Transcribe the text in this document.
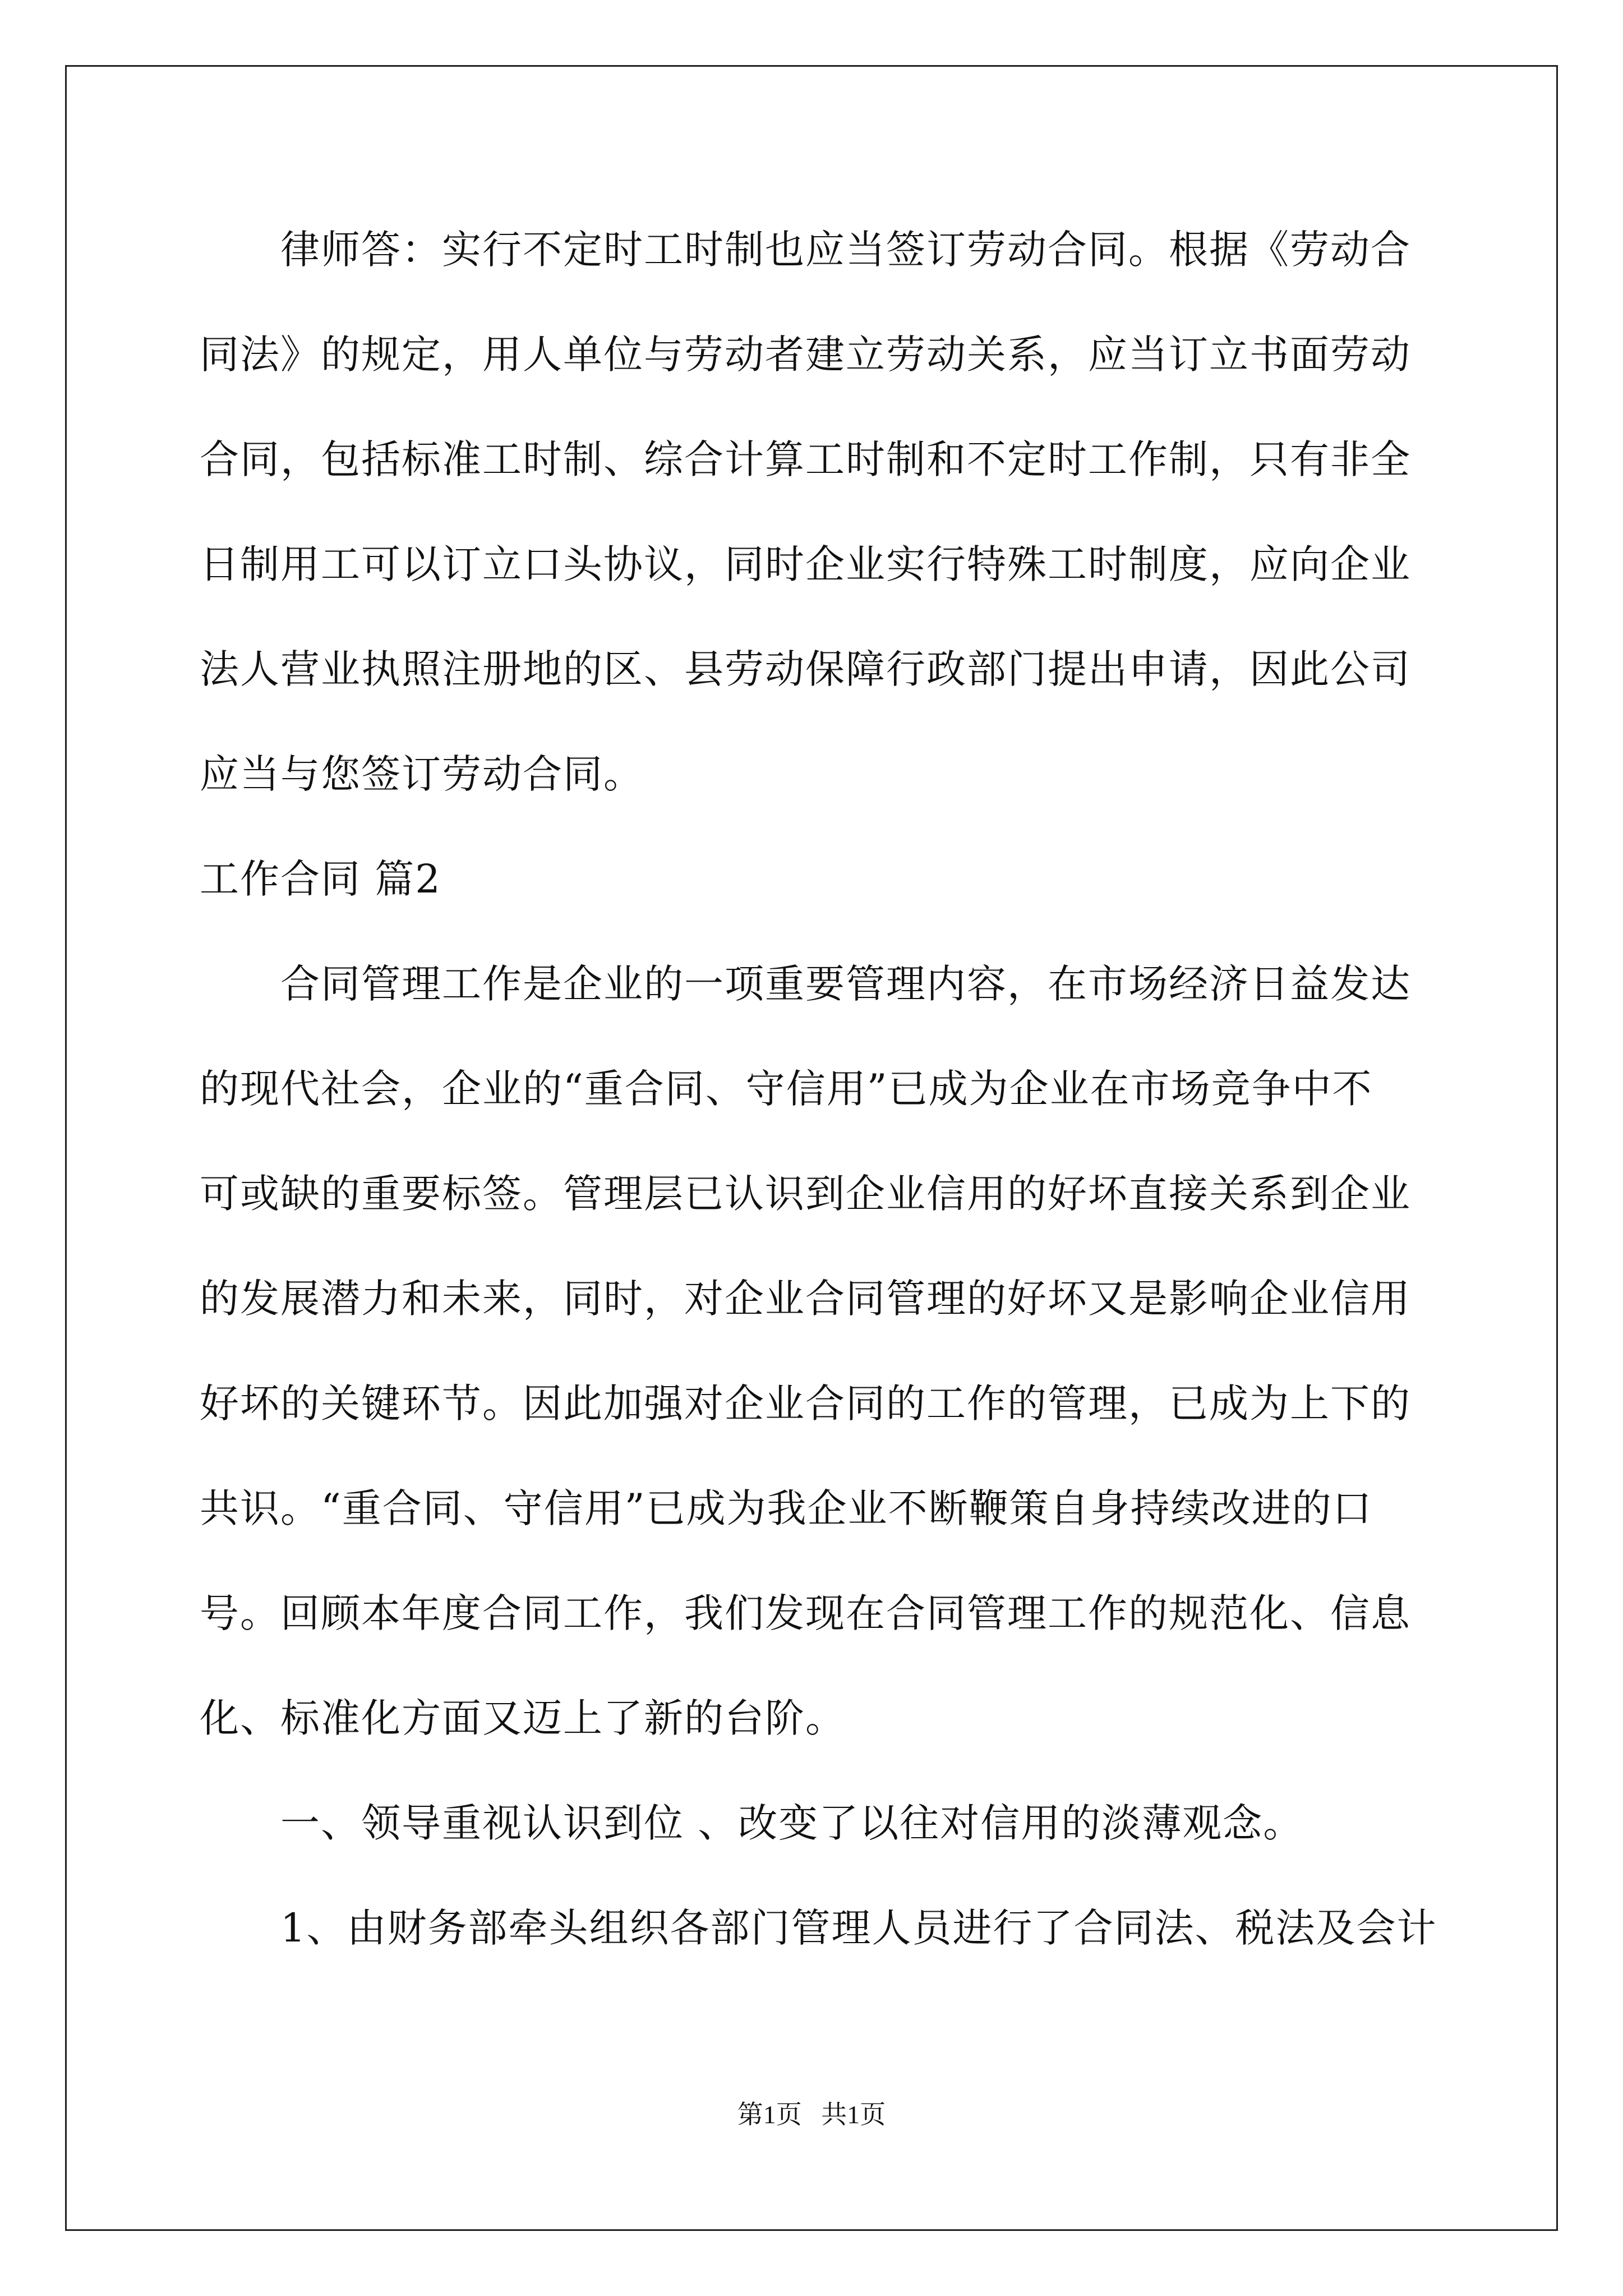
律师答：实行不定时工时制也应当签订劳动合同。根据《劳动合
同法》的规定，用人单位与劳动者建立劳动关系，应当订立书面劳动
合同，包括标准工时制、综合计算工时制和不定时工作制，只有非全
日制用工可以订立口头协议，同时企业实行特殊工时制度，应向企业
法人营业执照注册地的区、县劳动保障行政部门提出申请，因此公司
应当与您签订劳动合同。
工作合同 篇2
合同管理工作是企业的一项重要管理内容，在市场经济日益发达
的现代社会，企业的“重合同、守信用”已成为企业在市场竞争中不
可或缺的重要标签。管理层已认识到企业信用的好坏直接关系到企业
的发展潜力和未来，同时，对企业合同管理的好坏又是影响企业信用
好坏的关键环节。因此加强对企业合同的工作的管理，已成为上下的
共识。“重合同、守信用”已成为我企业不断鞭策自身持续改进的口
号。回顾本年度合同工作，我们发现在合同管理工作的规范化、信息
化、标准化方面又迈上了新的台阶。
一、领导重视认识到位 、改变了以往对信用的淡薄观念。
1、由财务部牵头组织各部门管理人员进行了合同法、税法及会计
第1页   共1页
